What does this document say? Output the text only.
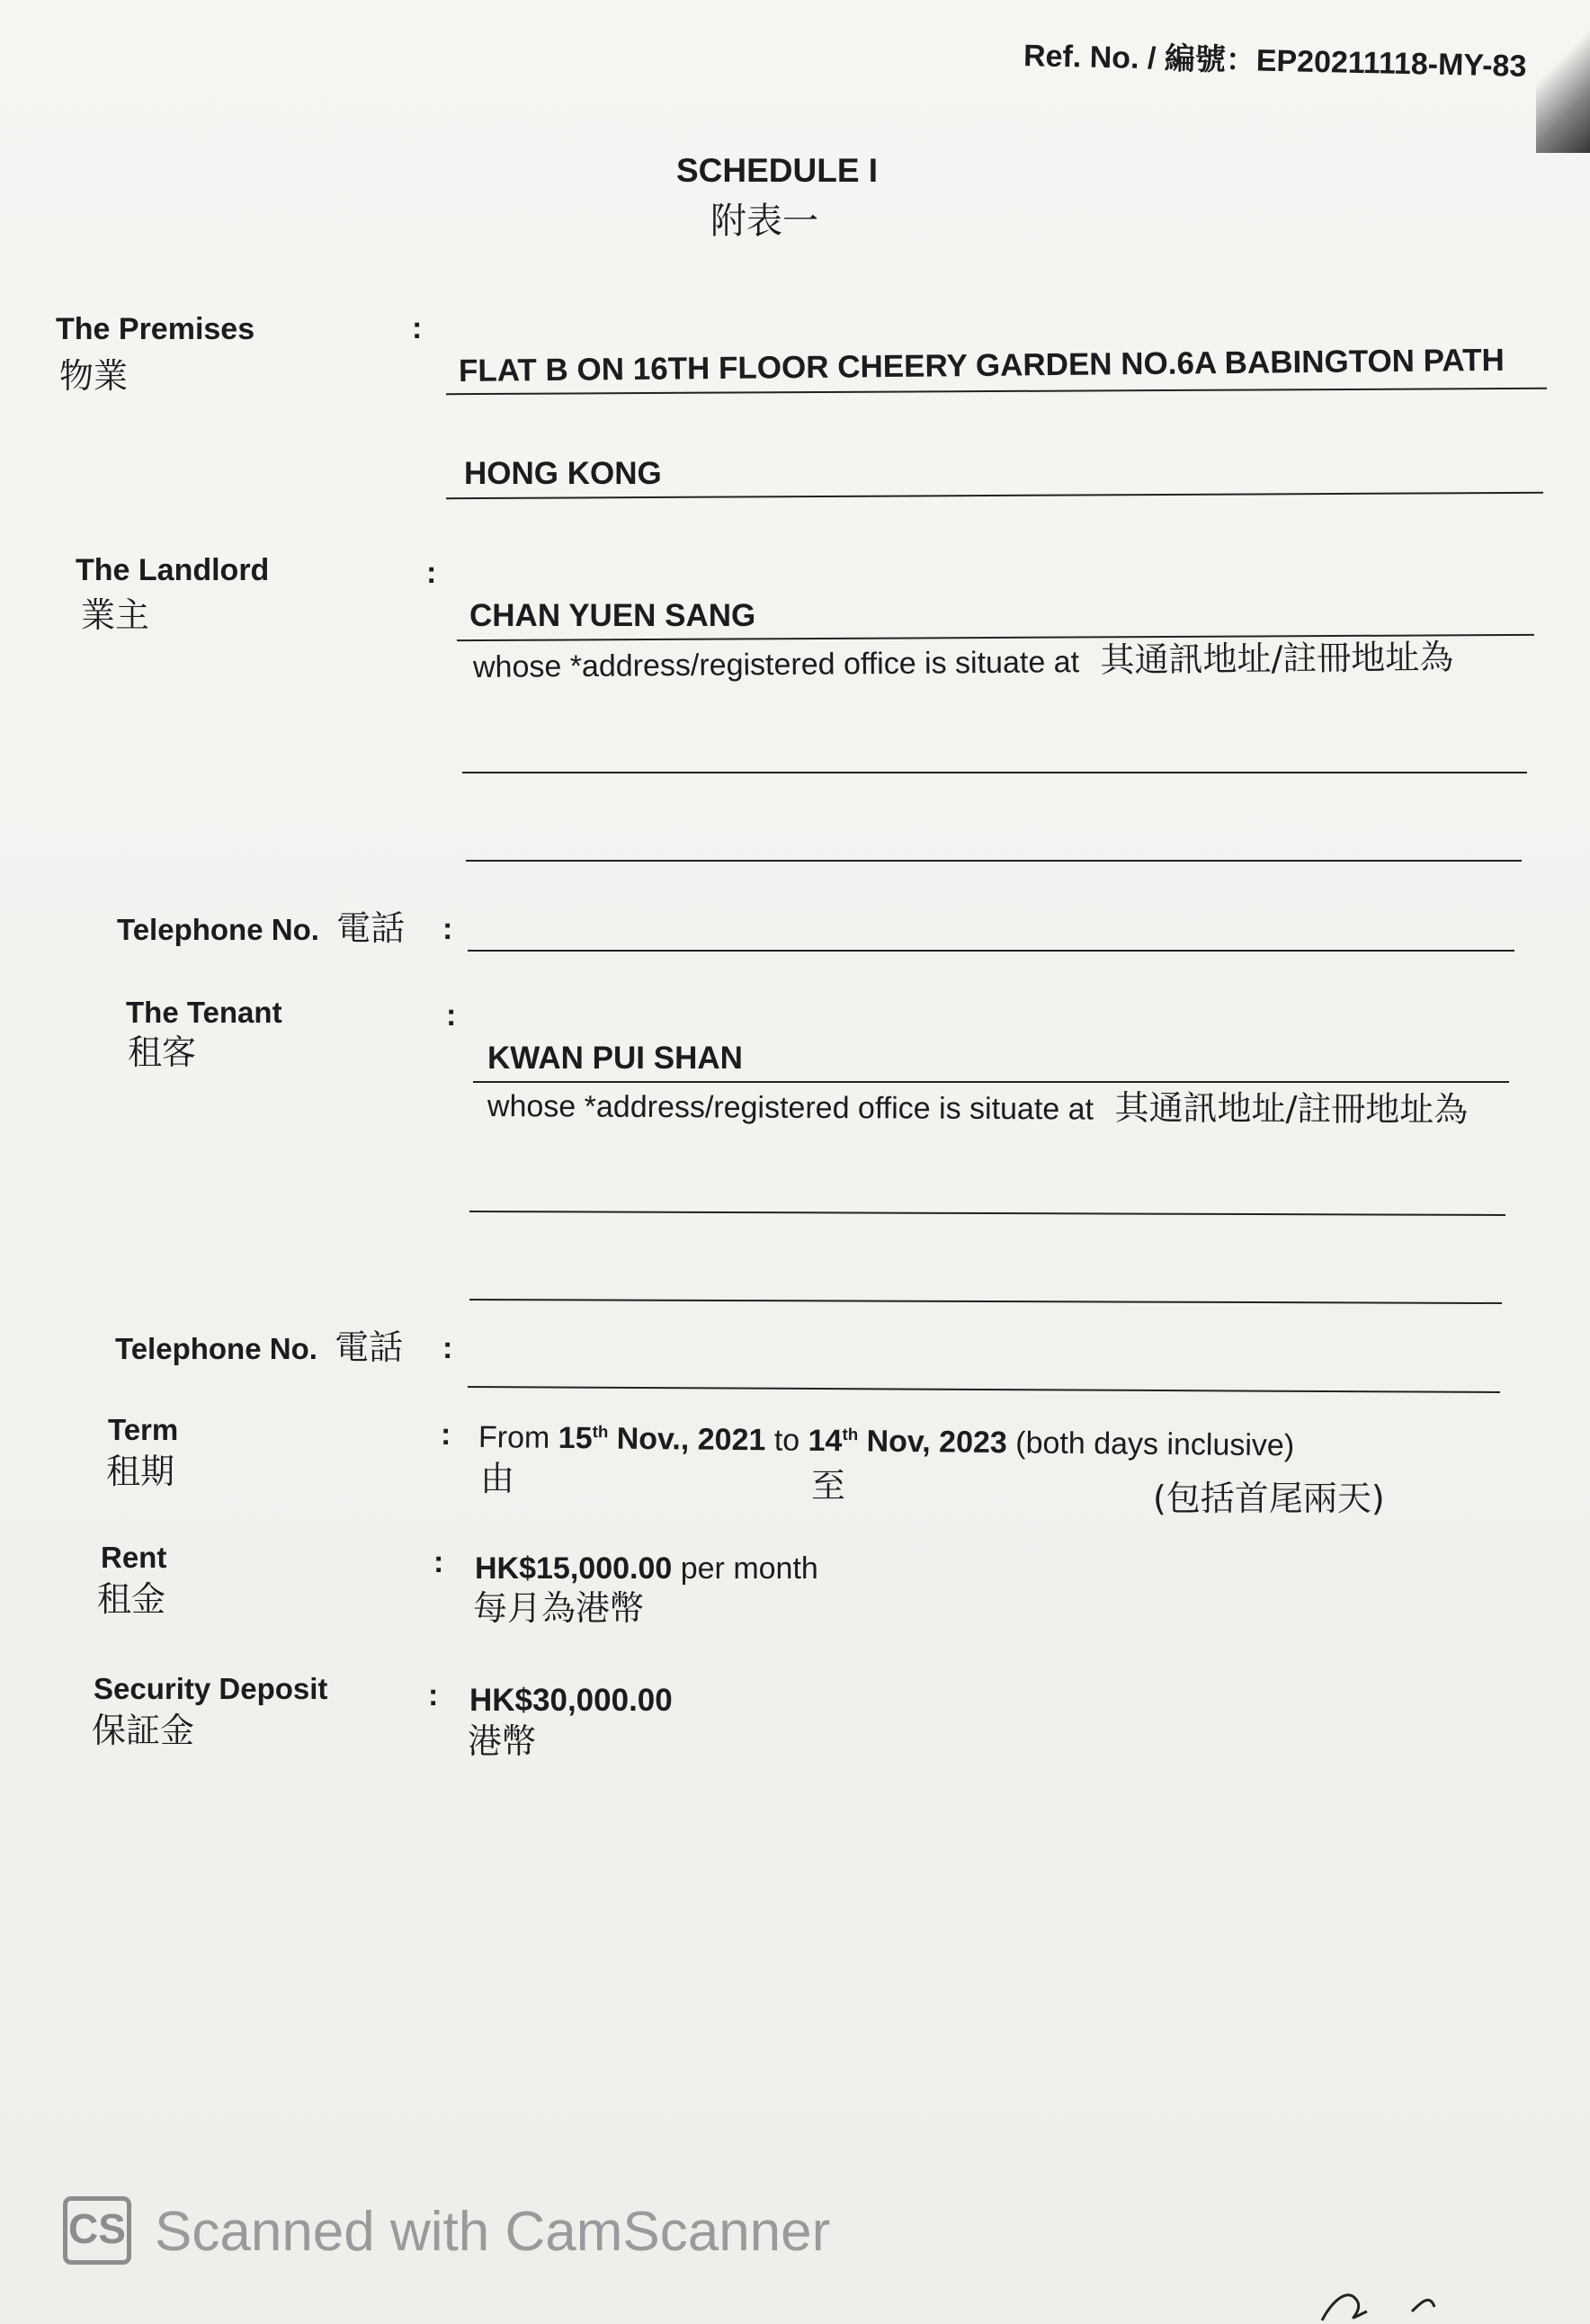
Ref. No. / 編號：EP20211118-MY-83
SCHEDULE I
附表一
The Premises
物業
:
FLAT B ON 16TH FLOOR CHEERY GARDEN NO.6A BABINGTON PATH
HONG KONG
The Landlord
業主
:
CHAN YUEN SANG
whose *address/registered office is situate at 其通訊地址/註冊地址為
Telephone No. 電話 :
The Tenant
租客
:
KWAN PUI SHAN
whose *address/registered office is situate at 其通訊地址/註冊地址為
Telephone No. 電話 :
Term
租期
: From 15th Nov., 2021 to 14th Nov, 2023 (both days inclusive)
由	至	(包括首尾兩天)
Rent
租金
: HK$15,000.00 per month
每月為港幣
Security Deposit
保証金
: HK$30,000.00
港幣
CS Scanned with CamScanner
